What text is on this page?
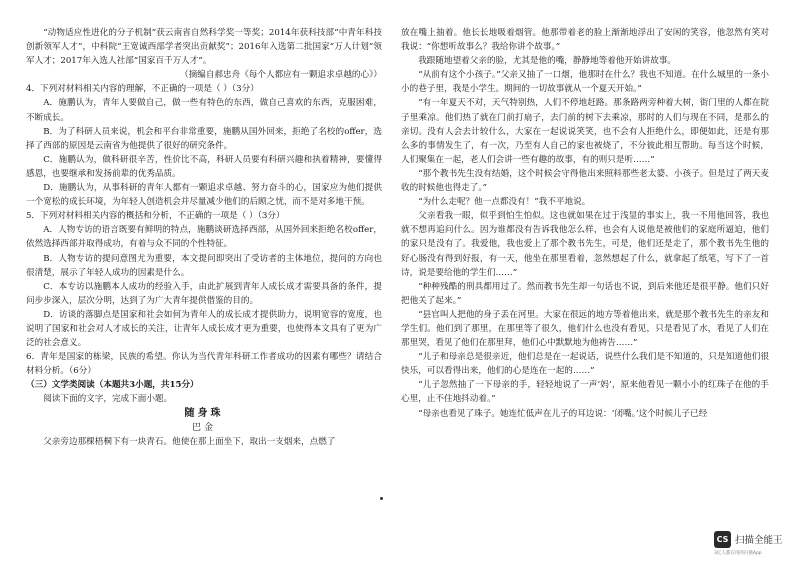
“动物适应性进化的分子机制”获云南省自然科学奖一等奖；2014年获科技部“中青年科技创新领军人才”，中科院“王宽诚西部学者突出贡献奖”；2016年入选第二批国家“万人计划”领军人才；2017年入选人社部“国家百千万人才”。

（摘编自郝忠舟《每个人都应有一颗追求卓越的心》）

4．下列对材料相关内容的理解，不正确的一项是（ ）（3分）

A．施鹏认为，青年人要做自己，做一些有特色的东西，做自己喜欢的东西，克服困难，不断成长。

B．为了科研人员来说，机会和平台非常重要，施鹏从国外回来，拒绝了名校的offer，选择了西部的原因是云南省为他提供了很好的研究条件。

C．施鹏认为，做科研很辛苦，性价比不高，科研人员要有科研兴趣和执着精神，要懂得感恩，也要继承和发扬前辈的优秀品质。

D．施鹏认为，从事科研的青年人都有一颗追求卓越、努力奋斗的心，国家应为他们提供一个宽松的成长环境，为年轻人创造机会并尽量减少他们的后顾之忧，而不是对多地干预。

5．下列对材料相关内容的概括和分析，不正确的一项是（ ）（3分）

A．人物专访的语言既要有鲜明的特点，施鹏谈研选择西部，从国外回来拒绝名校offer，依然选择西部并取得成功，有着与众不同的个性特征。

B．人物专访的提问意图尤为重要，本文提问即突出了受访者的主体地位，提问的方向也很清楚，展示了年轻人成功的因素是什么。

C．本专访以施鹏本人成功的经验入手，由此扩展到青年人成长成才需要具备的条件，提问步步深入，层次分明，达到了为广大青年提供借鉴的目的。

D．访谈的落脚点是国家和社会如何为青年人的成长成才提供助力，说明宽容的宽度，也说明了国家和社会对人才成长的关注，让青年人成长成才更为重要，也使得本文具有了更为广泛的社会意义。

6．青年是国家的栋梁，民族的希望。你认为当代青年科研工作者成功的因素有哪些？请结合材料分析。（6分）

（三）文学类阅读（本题共3小题，共15分）

阅读下面的文字，完成下面小题。

随身珠

巴金

父亲旁边那棵梧桐下有一块青石。他使在那上面坐下，取出一支烟来，点燃了

放在嘴上抽着。他长长地吸着烟管。他那带着老的脸上渐渐地浮出了安闲的笑容，他忽然有笑对我说：“你想听故事么？我给你讲个故事。”

我跟随地望着父亲的脸，尤其是他的嘴，静静地等着他开始讲故事。

“从前有这个小孩子。”父亲又抽了一口烟，他那时在什么？我也不知道。在什么城里的一条小小的巷子里，我是小学生。期间的一切故事就从一个夏天开始。”

“有一年夏天不对，天气特别热，人们不停地赶路。那条路两旁种着大树，街门里的人都在院子里乘凉。他们热了就在门前打扇子，去门前的树下去乘凉，那时的人们与现在不同，是那么的亲切。没有人会去计较什么，大家在一起说说笑笑，也不会有人拒绝什么，即便如此，还是有那么多的事情发生了，有一次，乃至有人自己的家也被烧了，不分彼此相互帮助。每当这个时候，人们聚集在一起，老人们会讲一些有趣的故事，有的则只是听……”

“那个教书先生没有结婚，这个时候会守得他出来照料那些老太婆、小孩子。但是过了两天麦收的时候他也得走了。”

“为什么走呢？他一点都没有！”我不平地说。

父亲看我一眼，似乎到怕生怕似。这也就如果在过于浅显的事实上，我一不用他回答，我也就不想再追问什么。因为谁都没有告诉我他怎么样，也会有人说他是被他们的家庭所逼迫，他们的家只是没有了。我爱他，我也爱上了那个教书先生，可是，他们还是走了，那个教书先生他的好心肠没有得到好报，有一天，他坐在那里看着，忽然想起了什么，就拿起了纸笔，写下了一首诗，说是要给他的学生们……”

“种种残酷的刑具都用过了。然而教书先生却一句话也不说，到后来他还是很平静。他们只好把他关了起来。”

“县官叫人把他的身子丢在河里。大家在很远的地方等着他出来，就是那个教书先生的亲友和学生们。他们到了那里，在那里等了很久，他们什么也没有看见，只是看见了水，看见了人们在那里哭，看见了他们在那里拜，他们心中默默地为他祷告……”

“儿子和母亲总是很亲近，他们总是在一起说话，说些什么我们是不知道的，只是知道他们很快乐，可以看得出来，他们的心是连在一起的……”

“儿子忽然抽了一下母亲的手，轻轻地说了一声‘妈’，原来他看见一颗小小的红珠子在他的手心里，止不住地抖动着。”

“母亲也看见了珠子。她连忙低声在儿子的耳边说：‘闭嘴。’这个时候儿子已经

CS 扫描全能王
3亿人都在用的扫描App
